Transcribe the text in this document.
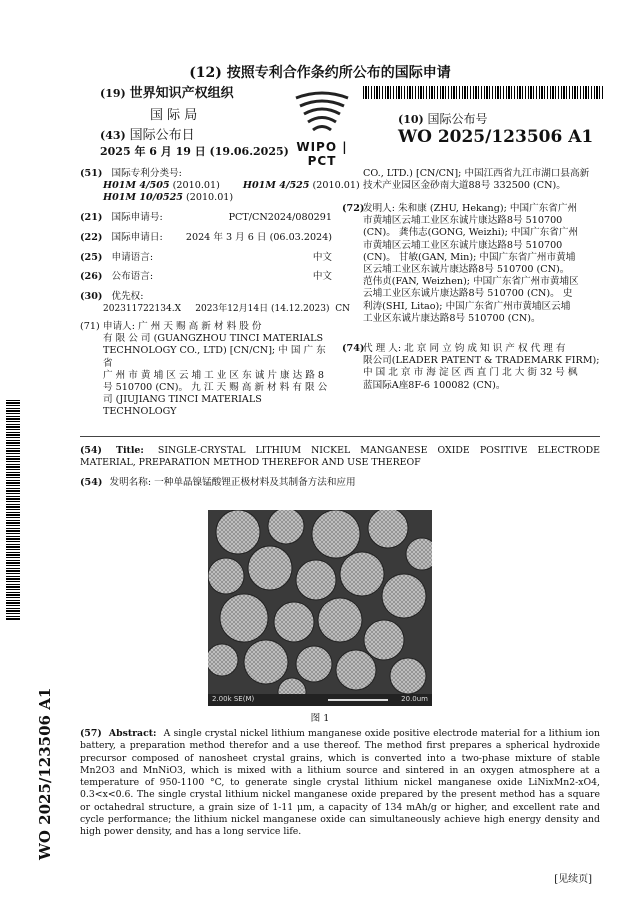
(12) 按照专利合作条约所公布的国际申请
(19) 世界知识产权组织
国 际 局
(43) 国际公布日
2025 年 6 月 19 日 (19.06.2025) WIPO | PCT
(10) 国际公布号
WO 2025/123506 A1
(51) 国际专利分类号:
H01M 4/505 (2010.01) H01M 4/525 (2010.01)
H01M 10/0525 (2010.01)
(21) 国际申请号:	PCT/CN2024/080291
(22) 国际申请日: 2024 年 3 月 6 日 (06.03.2024)
(25) 申请语言:	中文
(26) 公布语言:	中文
(30) 优先权:
202311722134.X     2023年12月14日 (14.12.2023)  CN
(71) 申请人: 广 州 天 赐 高 新 材 料 股 份
有 限 公 司 (GUANGZHOU TINCI MATERIALS
TECHNOLOGY CO., LTD) [CN/CN]; 中 国 广 东 省
广 州 市 黄 埔 区 云 埔 工 业 区 东 诚 片 康 达 路 8
号 510700 (CN)。 九 江 天 赐 高 新 材 料 有 限 公
司 (JIUJIANG TINCI MATERIALS TECHNOLOGY
CO., LTD.) [CN/CN]; 中国江西省九江市湖口县高新
技术产业园区金砂南大道88号 332500 (CN)。
(72)
发明人: 朱和康 (ZHU, Hekang); 中国广东省广州
市黄埔区云埔工业区东诚片康达路8号 510700
(CN)。 龚伟志(GONG, Weizhi); 中国广东省广州
市黄埔区云埔工业区东诚片康达路8号 510700
(CN)。 甘敏(GAN, Min); 中国广东省广州市黄埔
区云埔工业区东诚片康达路8号 510700 (CN)。
范伟贞(FAN, Weizhen); 中国广东省广州市黄埔区
云埔工业区东诚片康达路8号 510700 (CN)。 史
利涛(SHI, Litao); 中国广东省广州市黄埔区云埔
工业区东诚片康达路8号 510700 (CN)。
(74)
代 理 人: 北 京 同 立 钧 成 知 识 产 权 代 理 有
限公司(LEADER PATENT & TRADEMARK FIRM);
中 国 北 京 市 海 淀 区 西 直 门 北 大 街 32 号 枫
蓝国际A座8F-6 100082 (CN)。
WO 2025/123506 A1
(54) Title: SINGLE-CRYSTAL LITHIUM NICKEL MANGANESE OXIDE POSITIVE ELECTRODE MATERIAL, PREPARATION METHOD THEREFOR AND USE THEREOF
(54) 发明名称: 一种单晶镍锰酸锂正极材料及其制备方法和应用
2.00k SE(M)	20.0um
图 1
(57) Abstract: A single crystal nickel lithium manganese oxide positive electrode material for a lithium ion battery, a preparation method therefor and a use thereof. The method first prepares a spherical hydroxide precursor composed of nanosheet crystal grains, which is converted into a two-phase mixture of stable Mn2O3 and MnNiO3, which is mixed with a lithium source and sintered in an oxygen atmosphere at a temperature of 950-1100 °C, to generate single crystal lithium nickel manganese oxide LiNixMn2-xO4, 0.3<x<0.6. The single crystal lithium nickel manganese oxide prepared by the present method has a square or octahedral structure, a grain size of 1-11 μm, a capacity of 134 mAh/g or higher, and excellent rate and cycle performance; the lithium nickel manganese oxide can simultaneously achieve high energy density and high power density, and has a long service life.
[见续页]
